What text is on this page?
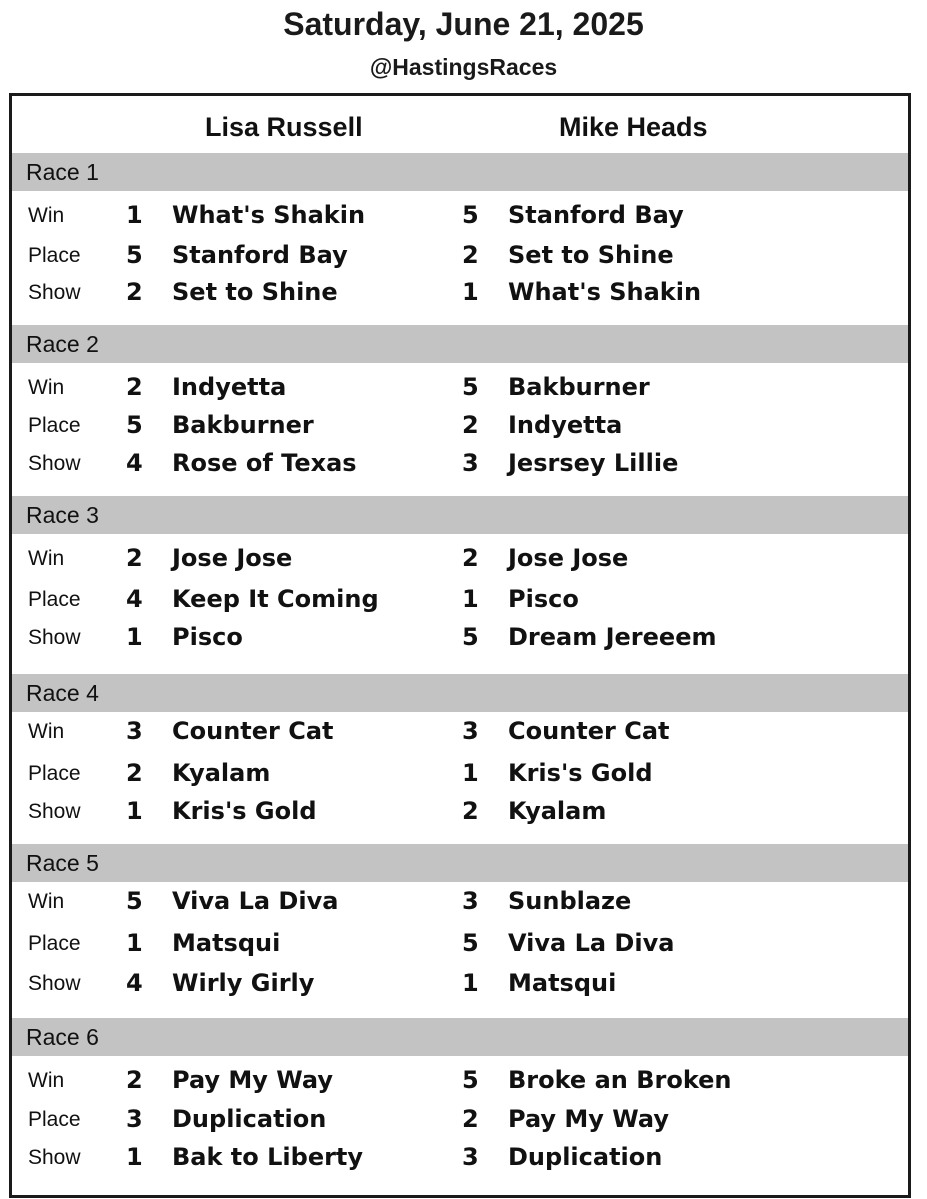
Saturday, June 21, 2025
@HastingsRaces
Lisa Russell	Mike Heads
Race 1
Win	1 What's Shakin	5 Stanford Bay
Place 5 Stanford Bay	2 Set to Shine
Show 2 Set to Shine	1 What's Shakin
Race 2
Win	2 Indyetta	5 Bakburner
Place 5 Bakburner	2 Indyetta
Show 4 Rose of Texas	3 Jesrsey Lillie
Race 3
Win	2 Jose Jose	2 Jose Jose
Place 4 Keep It Coming	1 Pisco
Show 1 Pisco	5 Dream Jereeem
Race 4
Win	3 Counter Cat	3 Counter Cat
Place 2 Kyalam	1 Kris's Gold
Show 1 Kris's Gold	2 Kyalam
Race 5
Win	5 Viva La Diva	3 Sunblaze
Place 1 Matsqui	5 Viva La Diva
Show 4 Wirly Girly	1 Matsqui
Race 6
Win	2 Pay My Way	5 Broke an Broken
Place 3 Duplication	2 Pay My Way
Show 1 Bak to Liberty	3 Duplication
